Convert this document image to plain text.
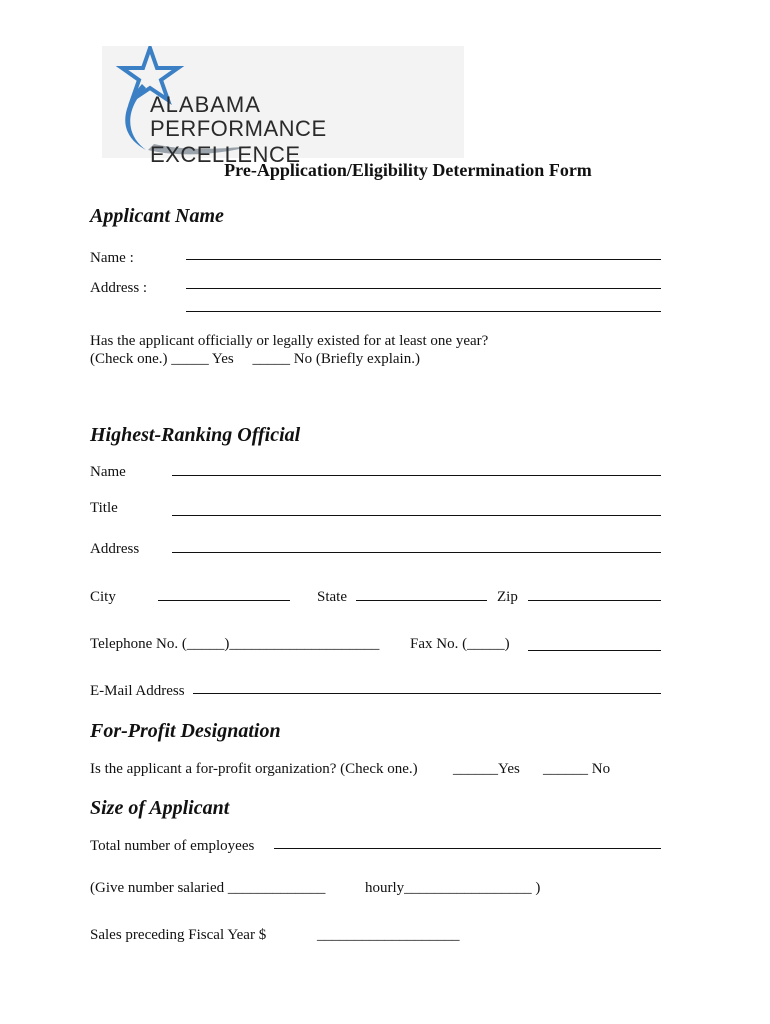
ALABAMA
PERFORMANCE EXCELLENCE
Pre-Application/Eligibility Determination Form
Applicant Name
Name :
Address :
Has the applicant officially or legally existed for at least one year?
(Check one.) _____ Yes     _____ No (Briefly explain.)
Highest-Ranking Official
Name
Title
Address
City	State	Zip
Telephone No. (_____)____________________ Fax No. (_____)
E-Mail Address
For-Profit Designation
Is the applicant a for-profit organization? (Check one.) ______Yes ______ No
Size of Applicant
Total number of employees
(Give number salaried _____________	hourly_________________ )
Sales preceding Fiscal Year $	___________________
